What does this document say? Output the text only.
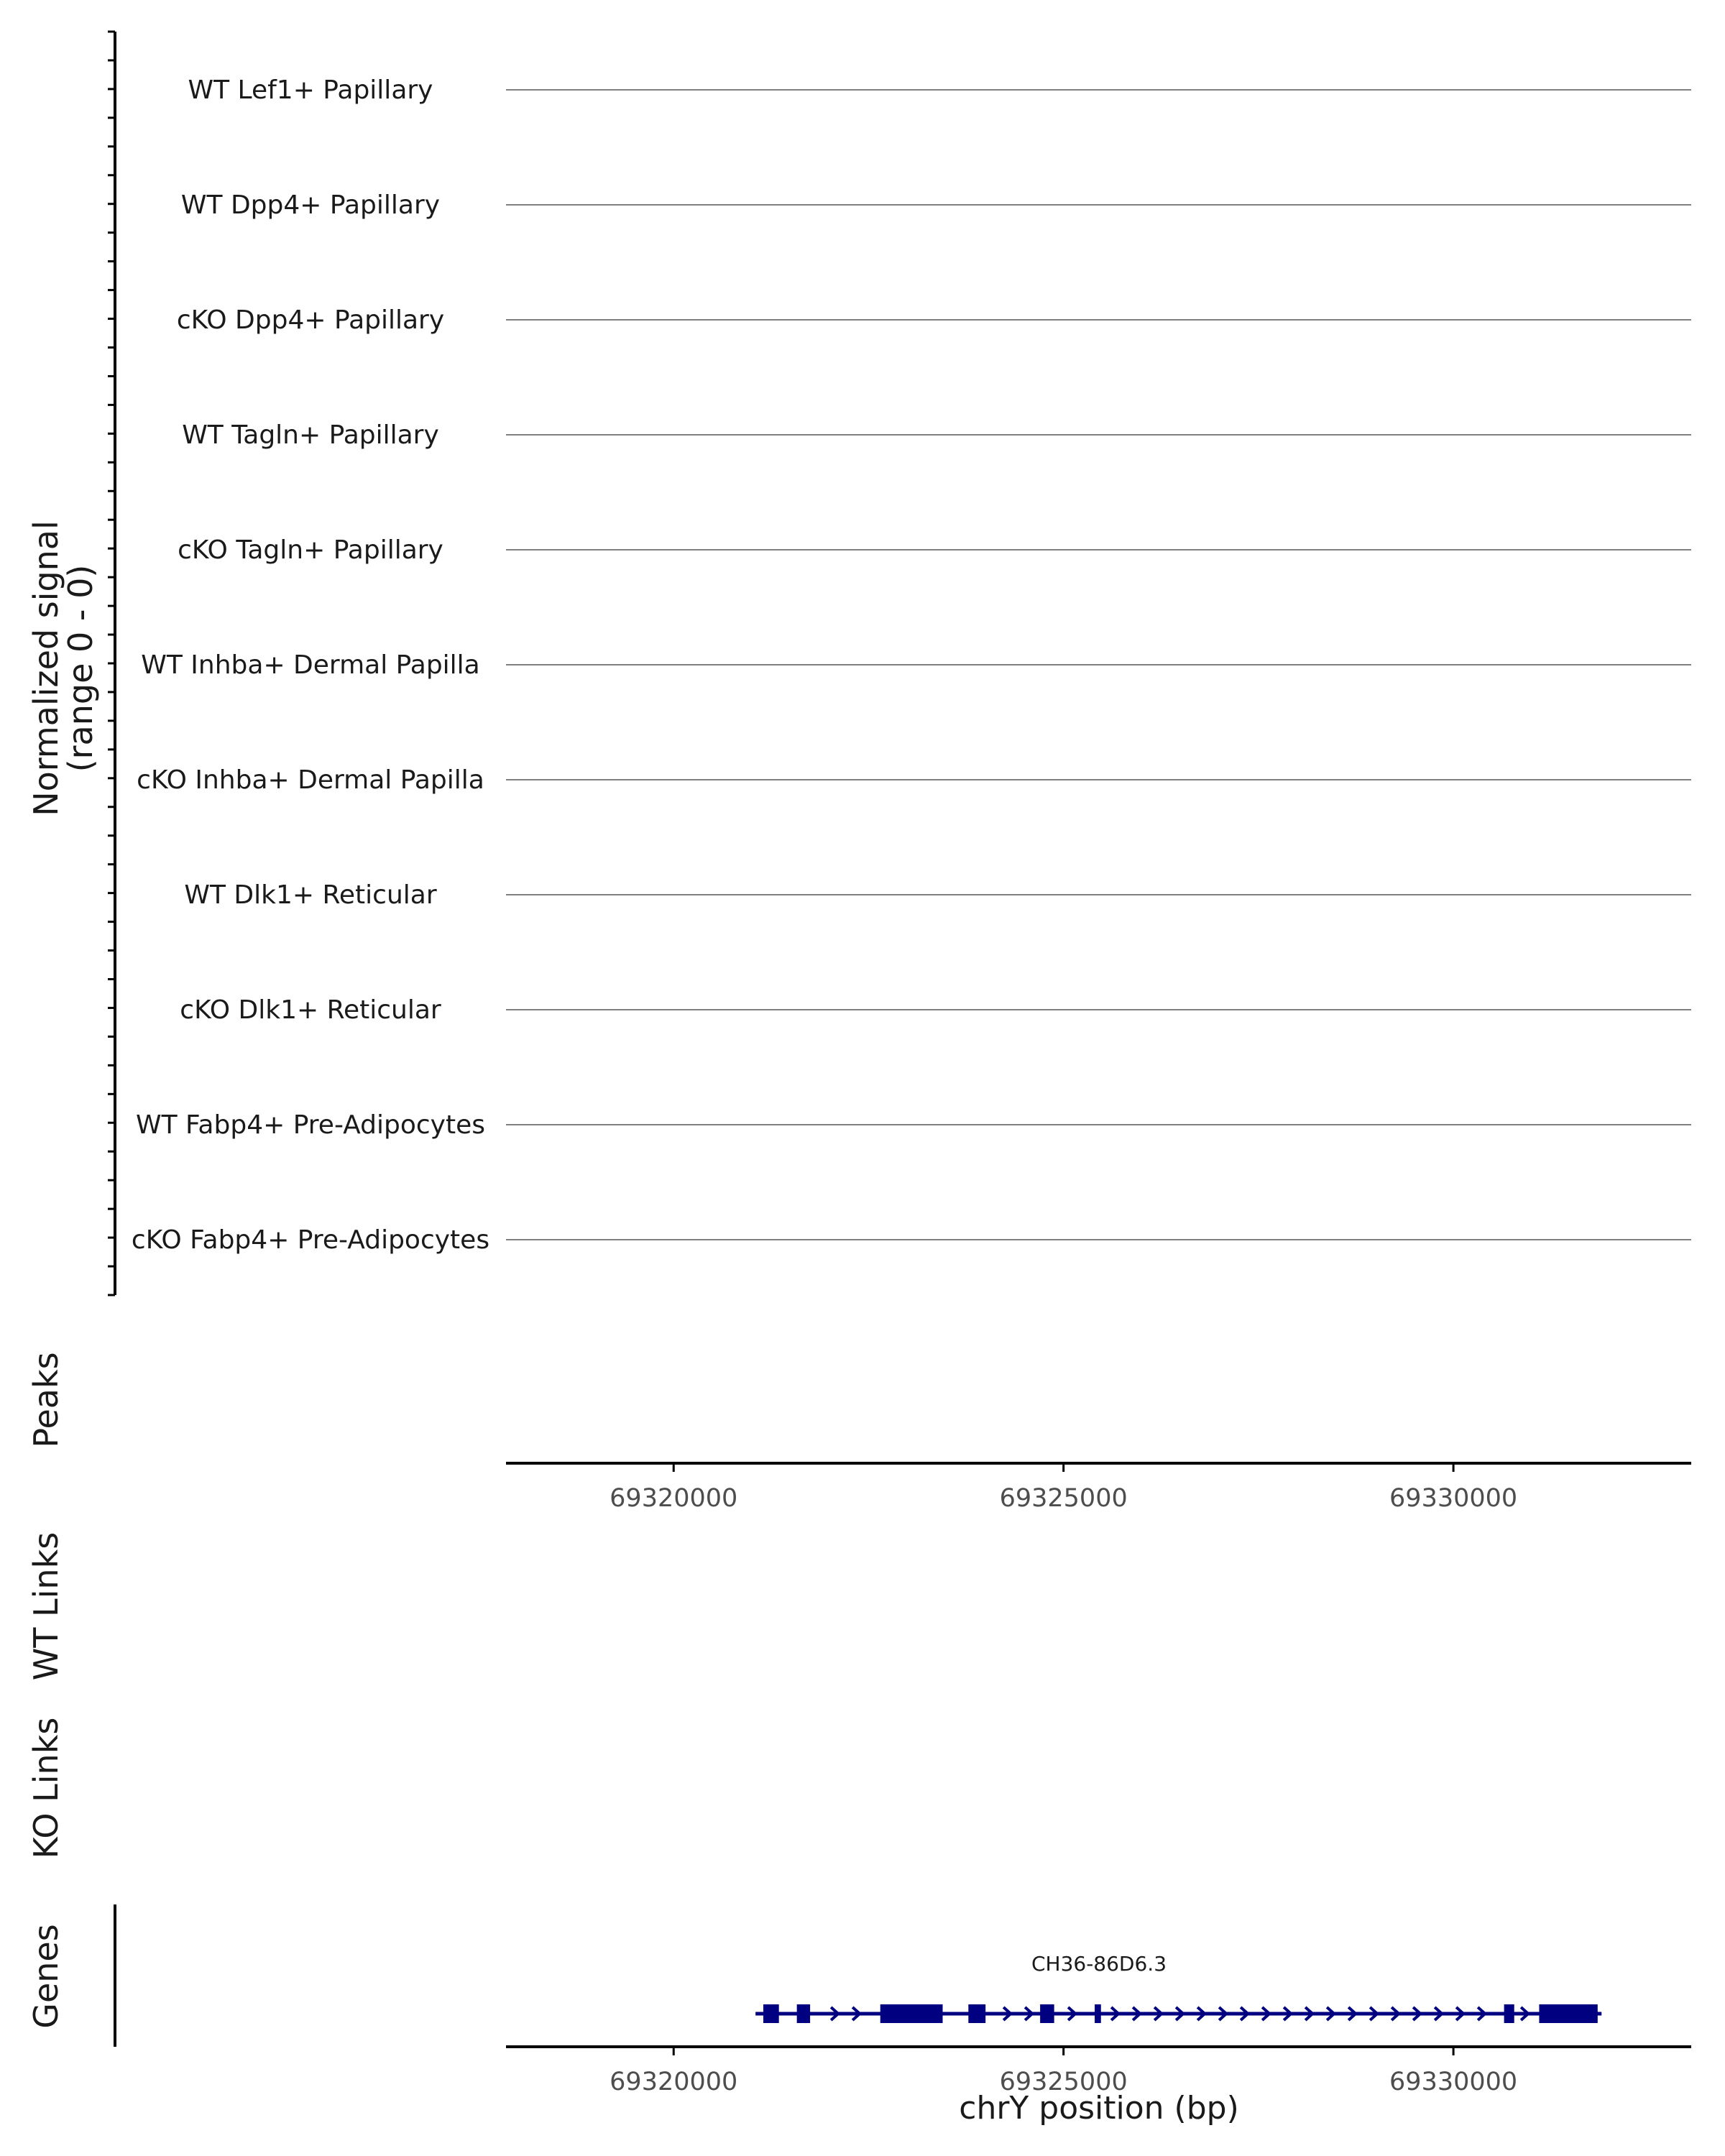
Normalized signal
(range 0 - 0)
WT Lef1+ Papillary
WT Dpp4+ Papillary
cKO Dpp4+ Papillary
WT Tagln+ Papillary
cKO Tagln+ Papillary
WT Inhba+ Dermal Papilla
cKO Inhba+ Dermal Papilla
WT Dlk1+ Reticular
cKO Dlk1+ Reticular
WT Fabp4+ Pre-Adipocytes
cKO Fabp4+ Pre-Adipocytes
Peaks
WT Links
KO Links
Genes
69320000	69325000	69330000
69320000	69325000	69330000
chrY position (bp)
CH36-86D6.3
